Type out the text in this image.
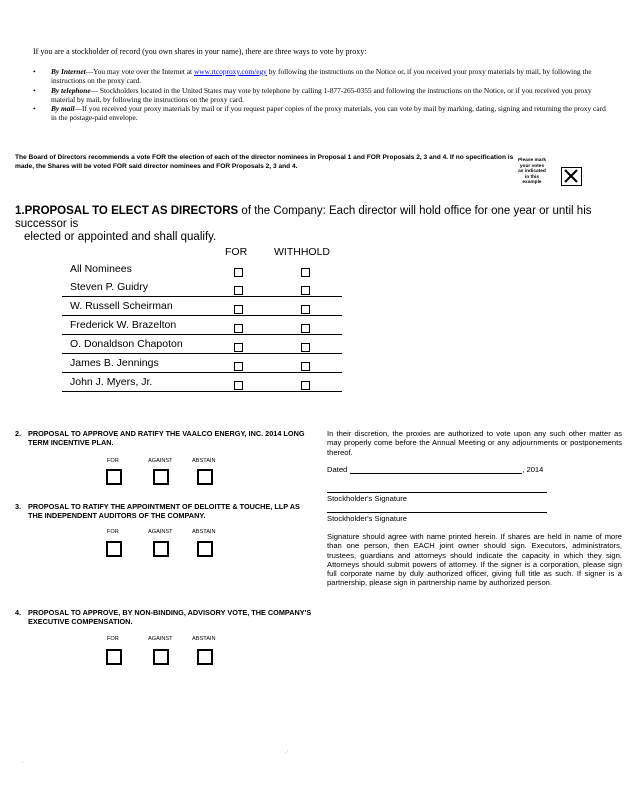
If you are a stockholder of record (you own shares in your name), there are three ways to vote by proxy:
•	By Internet—You may vote over the Internet at www.rtcoproxy.com/egy by following the instructions on the Notice or, if you received your proxy materials by mail, by following the instructions on the proxy card.
•	By telephone— Stockholders located in the United States may vote by telephone by calling 1-877-265-0355 and following the instructions on the Notice, or if you received you proxy material by mail, by following the instructions on the proxy card.
•	By mail—If you received your proxy materials by mail or if you request paper copies of the proxy materials, you can vote by mail by marking, dating, signing and returning the proxy card in the postage-paid envelope.
The Board of Directors recommends a vote FOR the election of each of the director nominees in Proposal 1 and FOR Proposals 2, 3 and 4. If no specification is made, the Shares will be voted FOR said director nominees and FOR Proposals 2, 3 and 4.
Please mark
your votes
as indicated
in this
example
1.PROPOSAL TO ELECT AS DIRECTORS of the Company: Each director will hold office for one year or until his successor is
elected or appointed and shall qualify.
FOR	WITHHOLD
All Nominees
Steven P. Guidry
W. Russell Scheirman
Frederick W. Brazelton
O. Donaldson Chapoton
James B. Jennings
John J. Myers, Jr.
2. PROPOSAL TO APPROVE AND RATIFY THE VAALCO ENERGY, INC. 2014 LONG TERM INCENTIVE PLAN.
FOR	AGAINST	ABSTAIN
3. PROPOSAL TO RATIFY THE APPOINTMENT OF DELOITTE & TOUCHE, LLP AS THE INDEPENDENT AUDITORS OF THE COMPANY.
FOR	AGAINST	ABSTAIN
4. PROPOSAL TO APPROVE, BY NON-BINDING, ADVISORY VOTE, THE COMPANY'S EXECUTIVE COMPENSATION.
FOR	AGAINST	ABSTAIN
In their discretion, the proxies are authorized to vote upon any such other matter as may properly come before the Annual Meeting or any adjournments or postponements thereof.
Dated	, 2014
Stockholder's Signature
Stockholder's Signature
Signature should agree with name printed herein. If shares are held in name of more than one person, then EACH joint owner should sign. Executors, administrators, trustees, guardians and attorneys should indicate the capacity in which they sign. Attorneys should submit powers of attorney. If the signer is a corporation, please sign full corporate name by duly authorized officer, giving full title as such. If signer is a partnership, please sign in partnership name by authorized person.
,
. '
